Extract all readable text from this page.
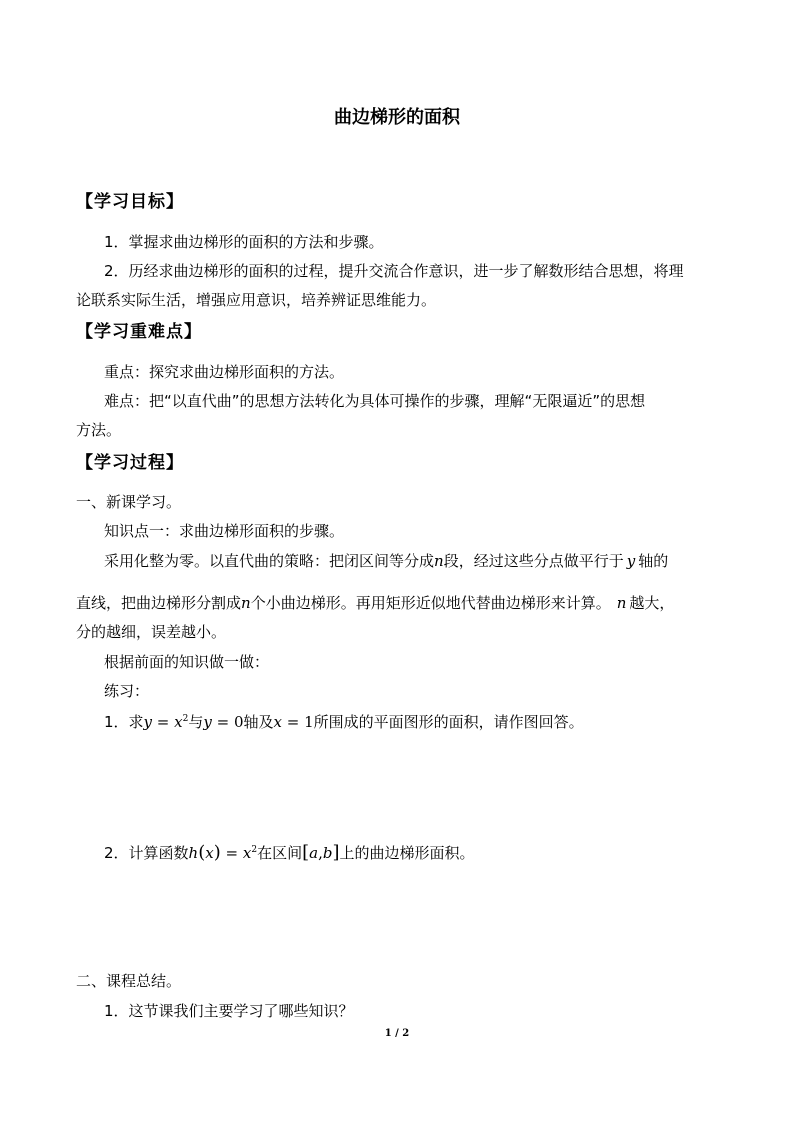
曲边梯形的面积
【学习目标】
1．掌握求曲边梯形的面积的方法和步骤。
2．历经求曲边梯形的面积的过程，提升交流合作意识，进一步了解数形结合思想，将理
论联系实际生活，增强应用意识，培养辨证思维能力。
【学习重难点】
重点：探究求曲边梯形面积的方法。
难点：把“以直代曲”的思想方法转化为具体可操作的步骤，理解“无限逼近”的思想
方法。
【学习过程】
一、新课学习。
知识点一：求曲边梯形面积的步骤。
采用化整为零。以直代曲的策略：把闭区间等分成n段，经过这些分点做平行于 y 轴的
直线，把曲边梯形分割成n个小曲边梯形。再用矩形近似地代替曲边梯形来计算。 n 越大，
分的越细，误差越小。
根据前面的知识做一做：
练习：
1．求$y = x^2$与y = 0轴及x = 1所围成的平面图形的面积，请作图回答。
2．计算函数$h(x) = x^2$在区间[a,b]上的曲边梯形面积。
二、课程总结。
1．这节课我们主要学习了哪些知识？
1 / 2
